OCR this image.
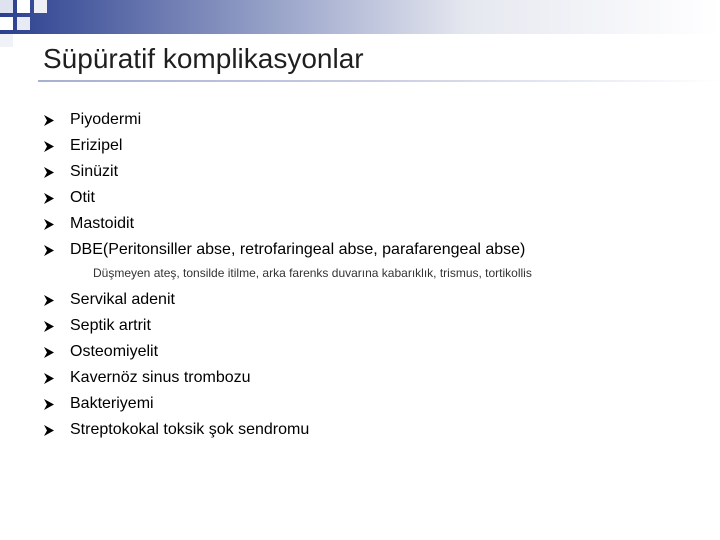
Süpüratif komplikasyonlar
Piyodermi
Erizipel
Sinüzit
Otit
Mastoidit
DBE(Peritonsiller abse, retrofaringeal abse, parafarengeal abse)
Düşmeyen ateş, tonsilde itilme, arka farenks duvarına kabarıklık, trismus, tortikollis
Servikal adenit
Septik artrit
Osteomiyelit
Kavernöz sinus trombozu
Bakteriyemi
Streptokokal toksik şok sendromu
